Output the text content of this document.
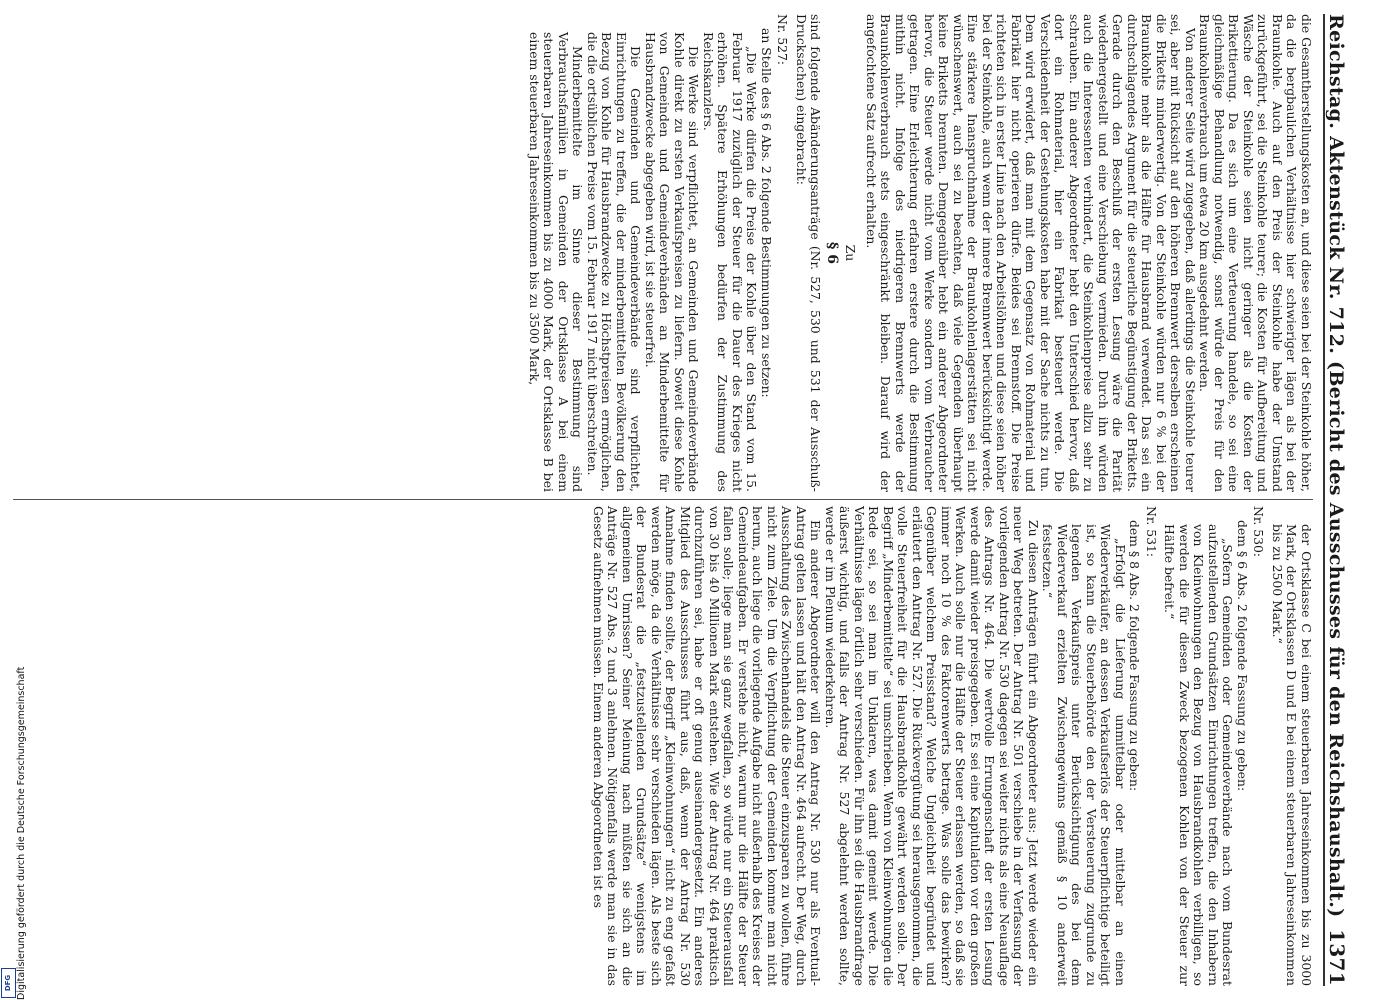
Reichstag. Aktenstück Nr. 712. (Bericht des Ausschusses für den Reichshaushalt.)
1371

die Gesamtherstellungskosten an, und diese seien bei der Steinkohle höher, da die bergbaulichen Verhältnisse hier schwieriger lägen als bei der Braunkohle. Auch auf den Preis der Steinkohle habe der Umstand zurückgeführt, sei die Steinkohle teurer; die Kosten für Aufbereitung und Wäsche der Steinkohle seien nicht geringer als die Kosten der Brikettierung. Da es sich um eine Verteuerung handele, so sei eine gleichmäßige Behandlung notwendig, sonst würde der Preis für den Braunkohlenverbrauch um etwa 20 km ausgedehnt werden.

Von anderer Seite wird zugegeben, daß allerdings die Steinkohle teurer sei, aber mit Rücksicht auf den höheren Brennwert derselben erscheinen die Briketts minderwertig. Von der Steinkohle würden nur 6 % bei der Braunkohle mehr als die Hälfte für Hausbrand verwendet. Das sei ein durchschlagendes Argument für die steuerliche Begünstigung der Briketts. Gerade durch den Beschluß der ersten Lesung wäre die Parität wiederhergestellt und eine Verschiebung vermieden. Durch ihn würden auch die Interessenten verhindert, die Steinkohlenpreise allzu sehr zu schrauben. Ein anderer Abgeordneter hebt den Unterschied hervor, daß dort ein Rohmaterial, hier ein Fabrikat besteuert werde. Die Verschiedenheit der Gestehungskosten habe mit der Sache nichts zu tun. Dem wird erwidert, daß man mit dem Gegensatz von Rohmaterial und Fabrikat hier nicht operieren dürfe. Beides sei Brennstoff. Die Preise richteten sich in erster Linie nach den Arbeitslöhnen und diese seien höher bei der Steinkohle, auch wenn der innere Brennwert berücksichtigt werde. Eine stärkere Inanspruchnahme der Braunkohlenlagerstätten sei nicht wünschenswert, auch sei zu beachten, daß viele Gegenden überhaupt keine Briketts brennten. Demgegenüber hebt ein anderer Abgeordneter hervor, die Steuer werde nicht vom Werke sondern vom Verbraucher getragen. Eine Erleichterung erfahren erstere durch die Bestimmung mithin nicht. Infolge des niedrigeren Brennwerts werde der Braunkohlenverbrauch stets eingeschränkt bleiben. Darauf wird der angefochtene Satz aufrecht erhalten.

Zu
§ 6

sind folgende Abänderungsanträge (Nr. 527, 530 und 531 der Ausschuß-Drucksachen) eingebracht:

Nr. 527:

an Stelle des § 6 Abs. 2 folgende Bestimmungen zu setzen:

„Die Werke dürfen die Preise der Kohle über den Stand vom 15. Februar 1917 zuzüglich der Steuer für die Dauer des Krieges nicht erhöhen. Spätere Erhöhungen bedürfen der Zustimmung des Reichskanzlers.

Die Werke sind verpflichtet, an Gemeinden und Gemeindeverbände Kohle direkt zu ersten Verkaufspreisen zu liefern. Soweit diese Kohle von Gemeinden und Gemeindeverbänden an Minderbemittelte für Hausbrandzwecke abgegeben wird, ist sie steuerfrei.

Die Gemeinden und Gemeindeverbände sind verpflichtet, Einrichtungen zu treffen, die der minderbemittelten Bevölkerung den Bezug von Kohle für Hausbrandzwecke zu Höchstpreisen ermöglichen, die die ortsüblichen Preise vom 15. Februar 1917 nicht überschreiten.

Minderbemittelte im Sinne dieser Bestimmung sind Verbrauchsfamilien in Gemeinden der Ortsklasse A bei einem steuerbaren Jahreseinkommen bis zu 4000 Mark, der Ortsklasse B bei einem steuerbaren Jahreseinkommen bis zu 3500 Mark,

der Ortsklasse C bei einem steuerbaren Jahreseinkommen bis zu 3000 Mark, der Ortsklassen D und E bei einem steuerbaren Jahreseinkommen bis zu 2500 Mark.“

Nr. 530:

dem § 6 Abs. 2 folgende Fassung zu geben:

„Sofern Gemeinden oder Gemeindeverbände nach vom Bundesrat aufzustellenden Grundsätzen Einrichtungen treffen, die den Inhabern von Kleinwohnungen den Bezug von Hausbrandkohlen verbilligen, so werden die für diesen Zweck bezogenen Kohlen von der Steuer zur Hälfte befreit.“

Nr. 531:

dem § 8 Abs. 2 folgende Fassung zu geben:

„Erfolgt die Lieferung unmittelbar oder mittelbar an einen Wiederverkäufer, an dessen Verkaufserlös der Steuerpflichtige beteiligt ist, so kann die Steuerbehörde den der Versteuerung zugrunde zu legenden Verkaufspreis unter Berücksichtigung des bei dem Wiederverkauf erzielten Zwischengewinns gemäß § 10 anderweit festsetzen.“

Zu diesen Anträgen führt ein Abgeordneter aus: Jetzt werde wieder ein neuer Weg betreten. Der Antrag Nr. 501 verschiebe in der Verfassung der vorliegenden Antrag Nr. 530 dagegen sei weiter nichts als eine Neuauflage des Antrags Nr. 464. Die wertvolle Errungenschaft der ersten Lesung werde damit wieder preisgegeben. Es sei eine Kapitulation vor den großen Werken. Auch solle nur die Hälfte der Steuer erlassen werden, so daß sie immer noch 10 % des Faktorenwerts betrage. Was solle das bewirken? Gegenüber welchem Preisstand? Welche Ungleichheit begründet und erläutert den Antrag Nr. 527. Die Rückvergütung sei herausgenommen, die volle Steuerfreiheit für die Hausbrandkohle gewährt werden solle. Der Begriff „Minderbemittelte“ sei umschrieben. Wenn von Kleinwohnungen die Rede sei, so sei man im Unklaren, was damit gemeint werde. Die Verhältnisse lägen örtlich sehr verschieden. Für ihn sei die Hausbrandfrage äußerst wichtig, und falls der Antrag Nr. 527 abgelehnt werden sollte, werde er im Plenum wiederkehren.

Ein anderer Abgeordneter will den Antrag Nr. 530 nur als Eventual-Antrag gelten lassen und hält den Antrag Nr. 464 aufrecht. Der Weg, durch Ausschaltung des Zwischenhandels die Steuer einzusparen zu wollen, führe nicht zum Ziele. Um die Verpflichtung der Gemeinden komme man nicht herum, auch liege die vorliegende Aufgabe nicht außerhalb des Kreises der Gemeindeaufgaben. Er verstehe nicht, warum nur die Hälfte der Steuer fallen solle; liege man sie ganz wegfallen, so würde nur ein Steuerausfall von 30 bis 40 Millionen Mark entstehen. Wie der Antrag Nr. 464 praktisch durchzuführen sei, habe er oft genug auseinandergesetzt. Ein anderes Mitglied des Ausschusses führt aus, daß, wenn der Antrag Nr. 530 Annahme finden sollte, der Begriff „Kleinwohnungen“ nicht zu eng gefaßt werden möge, da die Verhältnisse sehr verschieden lägen. Als beste sich der Bundesrat die „festzustellenden Grundsätze“ wenigstens im allgemeinen Umrissen? Seiner Meinung nach müßten sie sich an die Anträge Nr. 527 Abs. 2 und 3 anlehnen. Nötigenfalls werde man sie in das Gesetz aufnehmen müssen. Einem anderen Abgeordneten ist es

Digitalisierung gefördert durch die Deutsche Forschungsgemeinschaft
DFG
